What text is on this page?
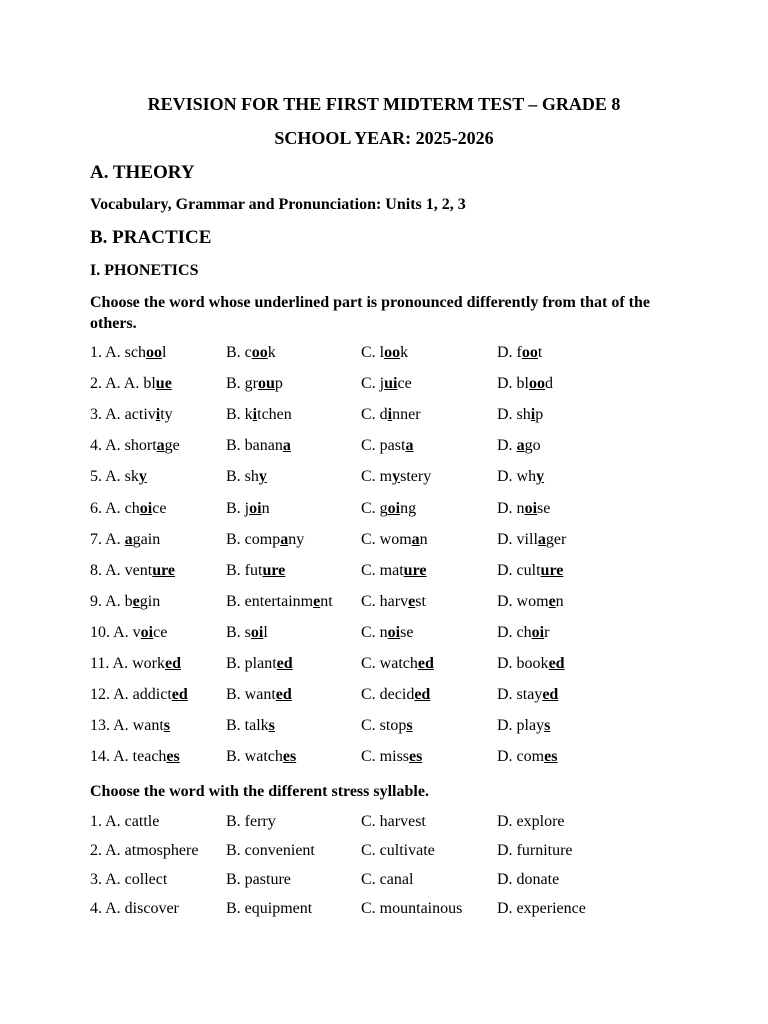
REVISION FOR THE FIRST MIDTERM TEST – GRADE 8
SCHOOL YEAR: 2025-2026
A. THEORY
Vocabulary, Grammar and Pronunciation: Units 1, 2, 3
B. PRACTICE
I. PHONETICS
Choose the word whose underlined part is pronounced differently from that of the others.
1. A. school	B. cook	C. look	D. foot
2. A. A. blue	B. group	C. juice	D. blood
3. A. activity	B. kitchen	C. dinner	D. ship
4. A. shortage	B. banana	C. pasta	D. ago
5. A. sky	B. shy	C. mystery	D. why
6. A. choice	B. join	C. going	D. noise
7. A. again	B. company	C. woman	D. villager
8. A. venture	B. future	C. mature	D. culture
9. A. begin	B. entertainment C. harvest	D. women
10. A. voice	B. soil	C. noise	D. choir
11. A. worked	B. planted	C. watched	D. booked
12. A. addicted B. wanted	C. decided	D. stayed
13. A. wants	B. talks	C. stops	D. plays
14. A. teaches	B. watches	C. misses	D. comes
Choose the word with the different stress syllable.
1. A. cattle	B. ferry	C. harvest	D. explore
2. A. atmosphere B. convenient	C. cultivate	D. furniture
3. A. collect	B. pasture	C. canal	D. donate
4. A. discover	B. equipment	C. mountainous D. experience
